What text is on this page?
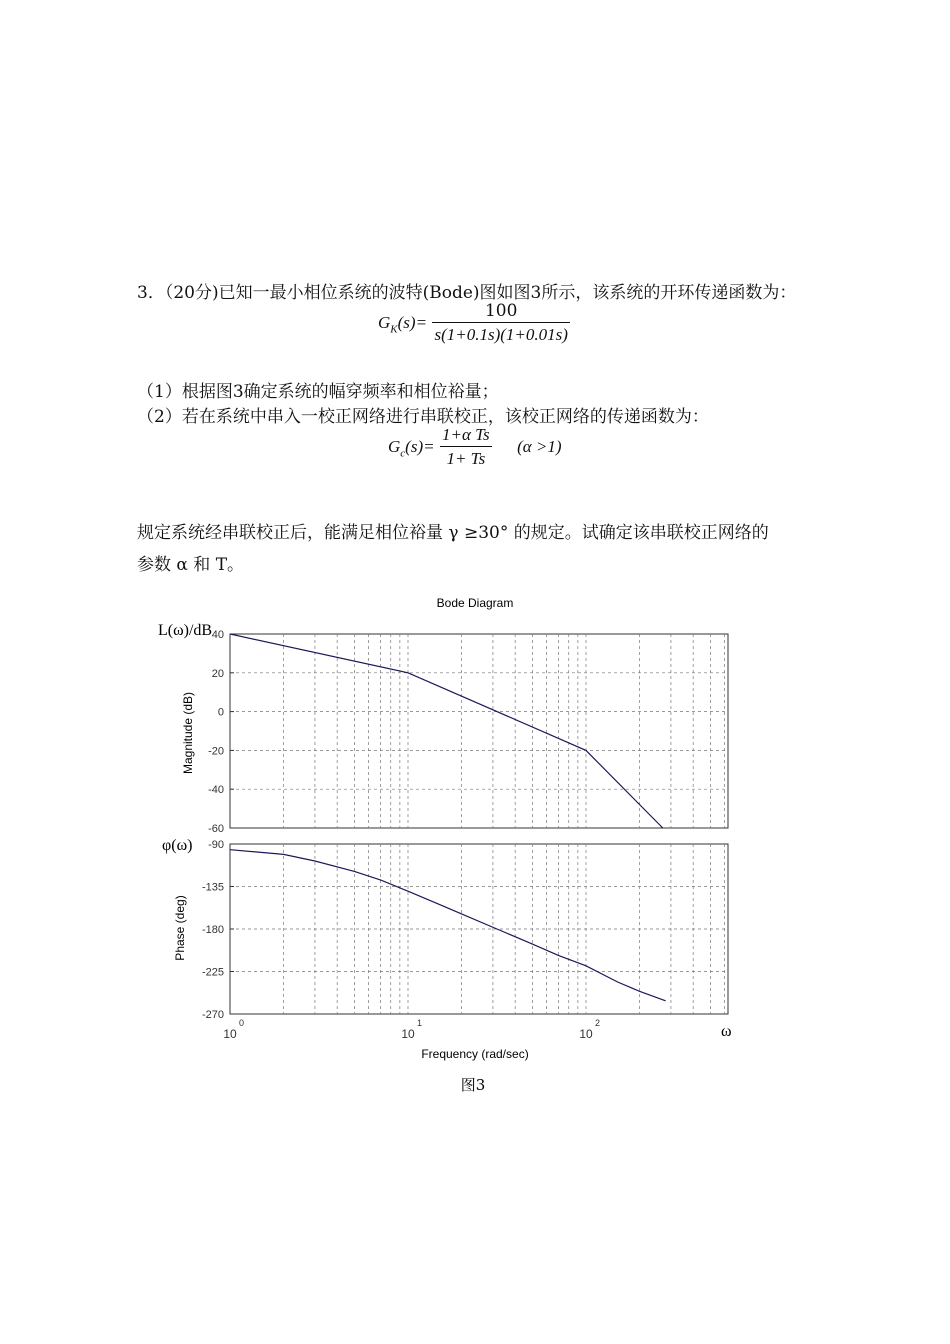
3．（20分)已知一最小相位系统的波特(Bode)图如图3所示，该系统的开环传递函数为：
$G_K(s)= \frac{100}{s(1+0.1s)(1+0.01s)}$
（1）根据图3确定系统的幅穿频率和相位裕量；
（2）若在系统中串入一校正网络进行串联校正，该校正网络的传递函数为：
$G_c(s)= \frac{\text{1+α Ts}}{1+ Ts} (\alpha >1)$
规定系统经串联校正后，能满足相位裕量 γ ≥30° 的规定。试确定该串联校正网络的
参数 α 和 T。
Bode Diagram
L(ω)/dB
φ(ω)
Magnitude (dB)
Phase (deg)
40
20
0
-20
-40
-60
-90
-135
-180
-225
-270
10
0
10
1
10
2	ω
Frequency (rad/sec)
图3
